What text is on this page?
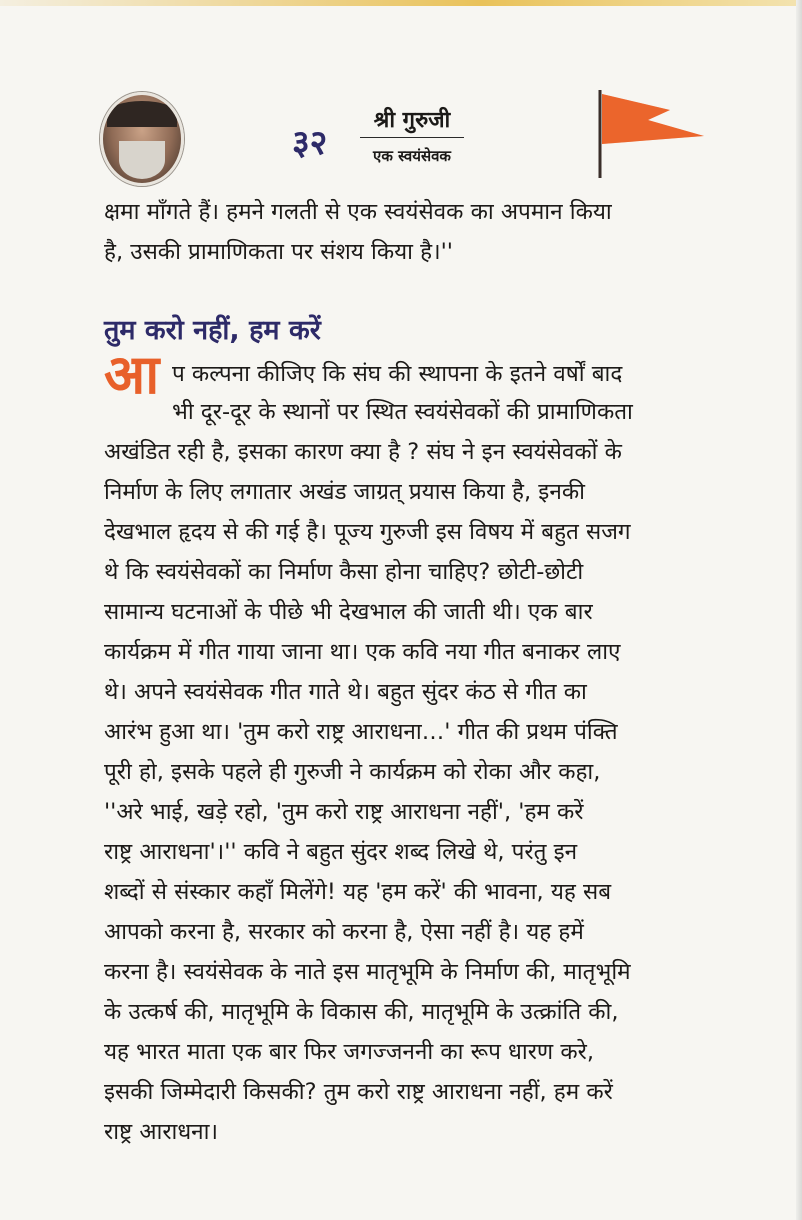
३२
श्री गुरुजी
एक स्वयंसेवक
क्षमा माँगते हैं। हमने गलती से एक स्वयंसेवक का अपमान किया
है, उसकी प्रामाणिकता पर संशय किया है।''
तुम करो नहीं, हम करें
आ प कल्पना कीजिए कि संघ की स्थापना के इतने वर्षों बाद
भी दूर-दूर के स्थानों पर स्थित स्वयंसेवकों की प्रामाणिकता
अखंडित रही है, इसका कारण क्या है ? संघ ने इन स्वयंसेवकों के
निर्माण के लिए लगातार अखंड जाग्रत् प्रयास किया है, इनकी
देखभाल हृदय से की गई है। पूज्य गुरुजी इस विषय में बहुत सजग
थे कि स्वयंसेवकों का निर्माण कैसा होना चाहिए? छोटी-छोटी
सामान्य घटनाओं के पीछे भी देखभाल की जाती थी। एक बार
कार्यक्रम में गीत गाया जाना था। एक कवि नया गीत बनाकर लाए
थे। अपने स्वयंसेवक गीत गाते थे। बहुत सुंदर कंठ से गीत का
आरंभ हुआ था। 'तुम करो राष्ट्र आराधना…' गीत की प्रथम पंक्ति
पूरी हो, इसके पहले ही गुरुजी ने कार्यक्रम को रोका और कहा,
''अरे भाई, खड़े रहो, 'तुम करो राष्ट्र आराधना नहीं', 'हम करें
राष्ट्र आराधना'।'' कवि ने बहुत सुंदर शब्द लिखे थे, परंतु इन
शब्दों से संस्कार कहाँ मिलेंगे! यह 'हम करें' की भावना, यह सब
आपको करना है, सरकार को करना है, ऐसा नहीं है। यह हमें
करना है। स्वयंसेवक के नाते इस मातृभूमि के निर्माण की, मातृभूमि
के उत्कर्ष की, मातृभूमि के विकास की, मातृभूमि के उत्क्रांति की,
यह भारत माता एक बार फिर जगज्जननी का रूप धारण करे,
इसकी जिम्मेदारी किसकी? तुम करो राष्ट्र आराधना नहीं, हम करें
राष्ट्र आराधना।
